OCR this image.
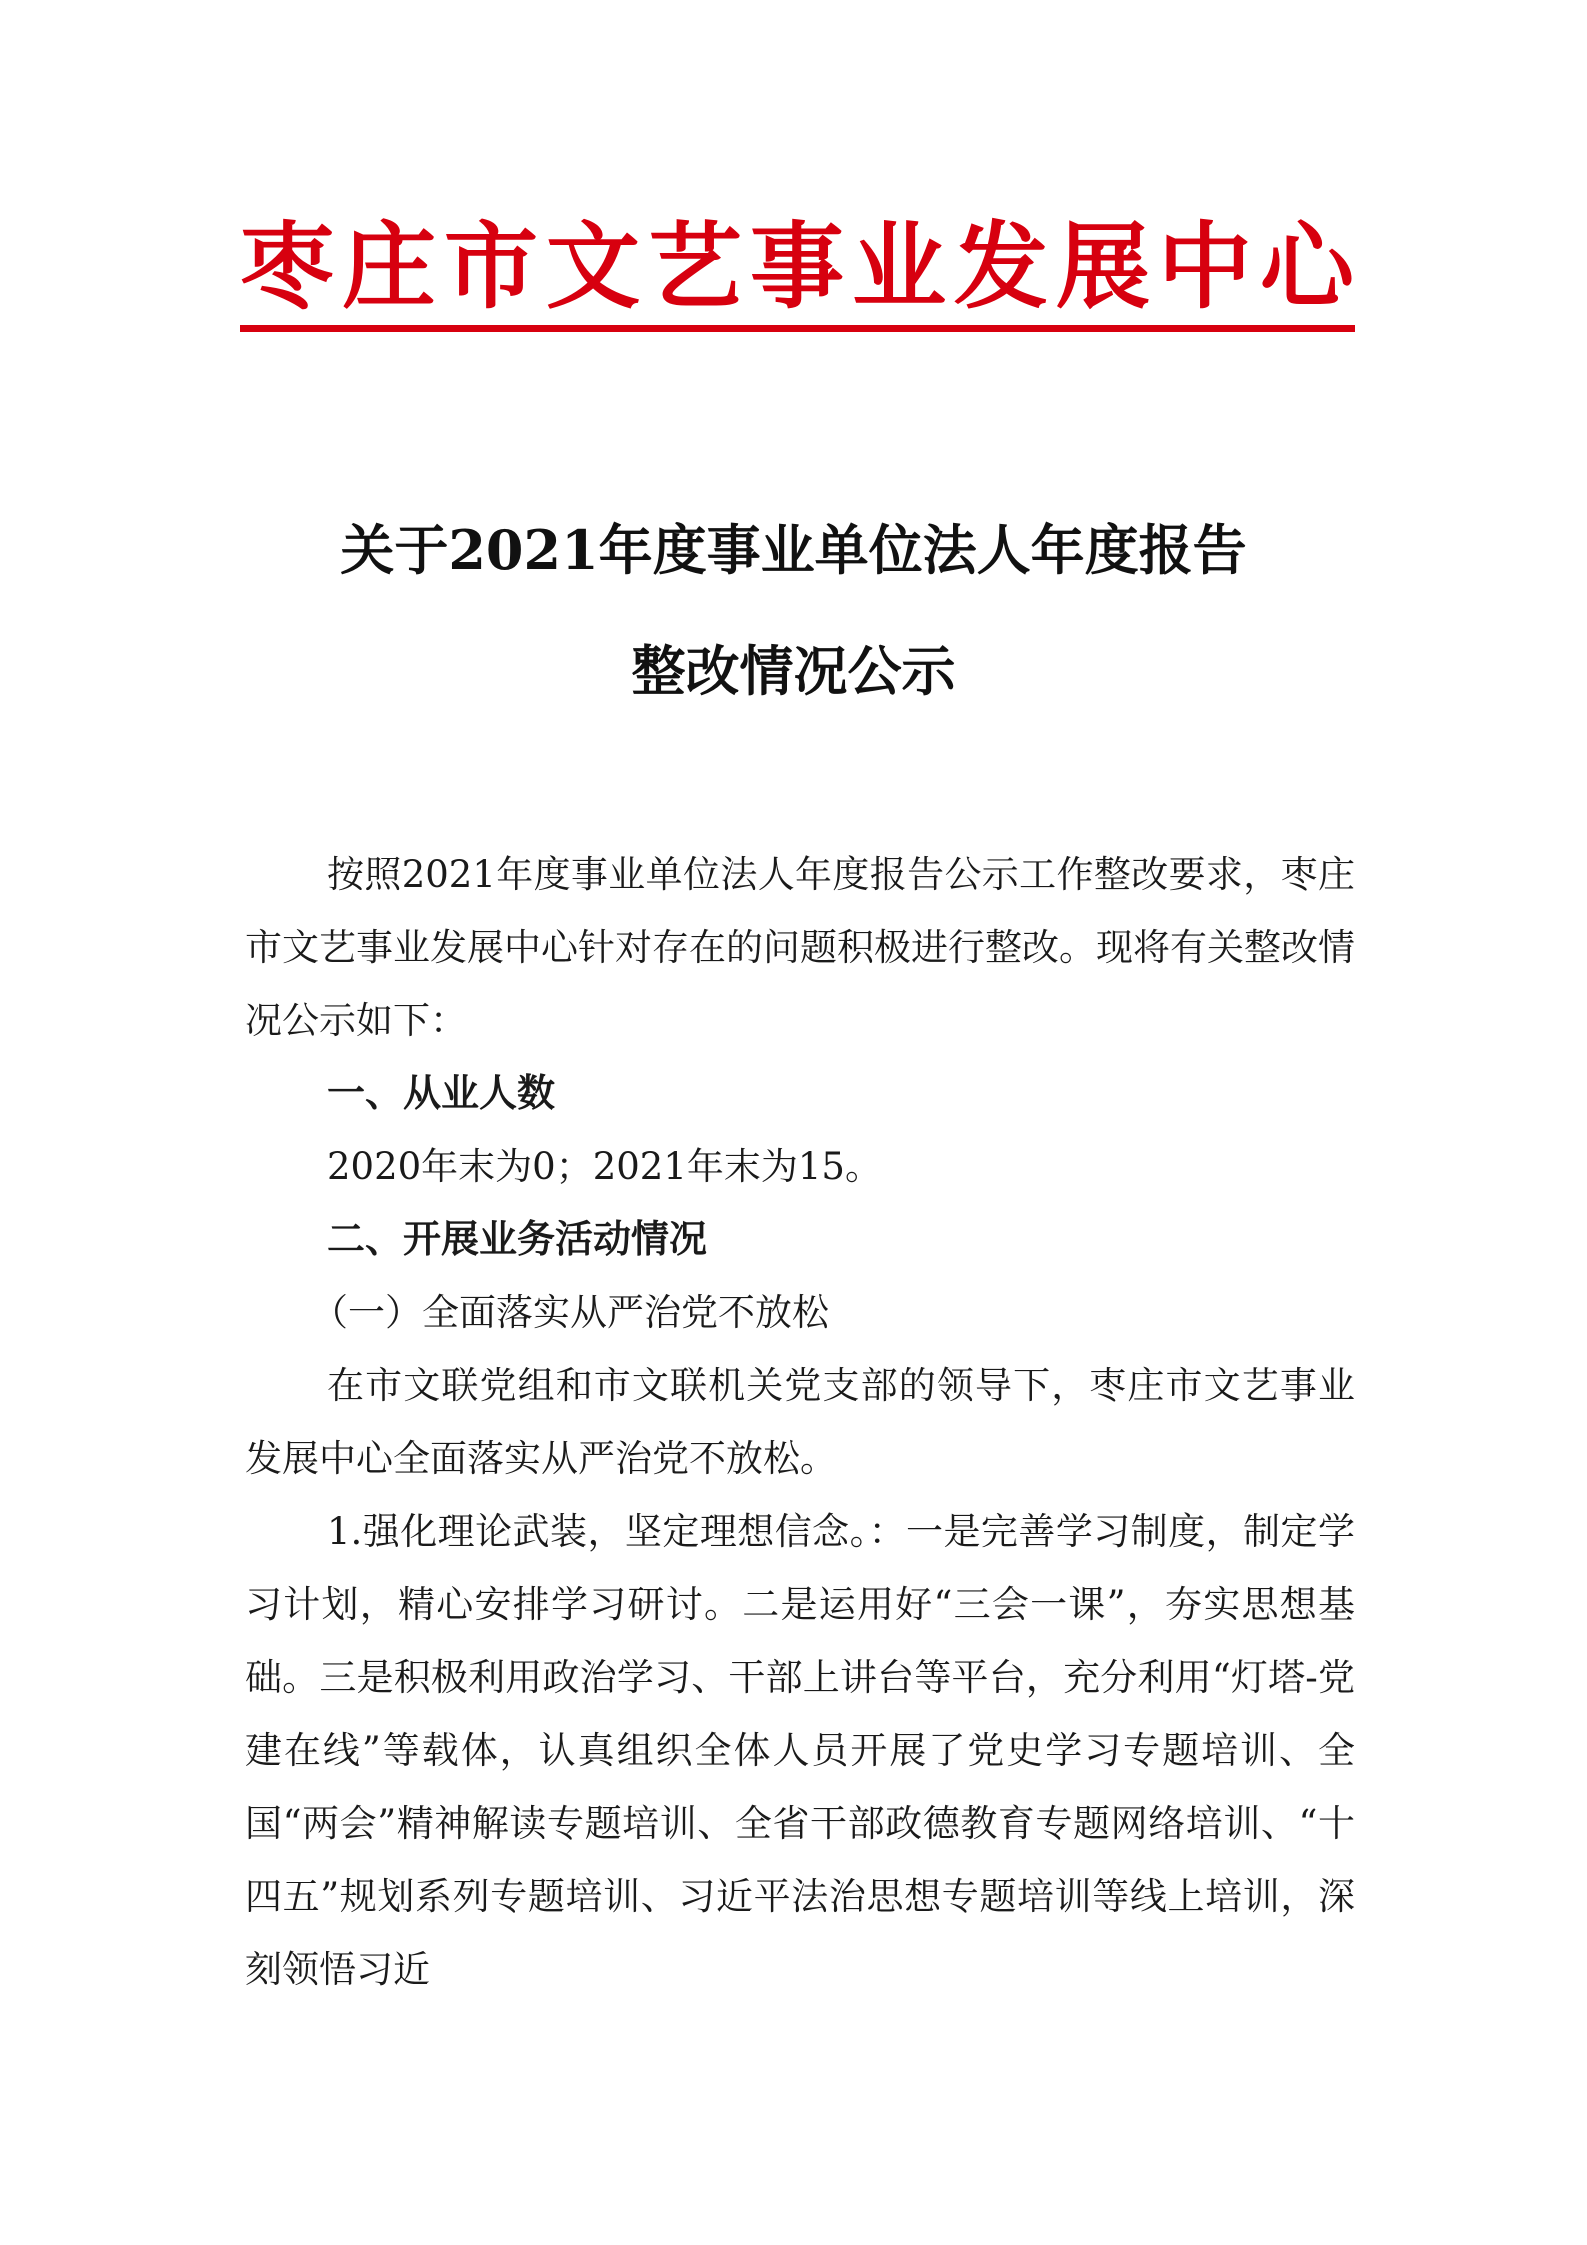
枣庄市文艺事业发展中心
关于2021年度事业单位法人年度报告
整改情况公示

按照2021年度事业单位法人年度报告公示工作整改要求，枣庄市文艺事业发展中心针对存在的问题积极进行整改。现将有关整改情况公示如下：

一、从业人数

2020年末为0；2021年末为15。

二、开展业务活动情况

（一）全面落实从严治党不放松

在市文联党组和市文联机关党支部的领导下，枣庄市文艺事业发展中心全面落实从严治党不放松。

1.强化理论武装，坚定理想信念。：一是完善学习制度，制定学习计划，精心安排学习研讨。二是运用好“三会一课”，夯实思想基础。三是积极利用政治学习、干部上讲台等平台，充分利用“灯塔-党建在线”等载体，认真组织全体人员开展了党史学习专题培训、全国“两会”精神解读专题培训、全省干部政德教育专题网络培训、“十四五”规划系列专题培训、习近平法治思想专题培训等线上培训，深刻领悟习近
